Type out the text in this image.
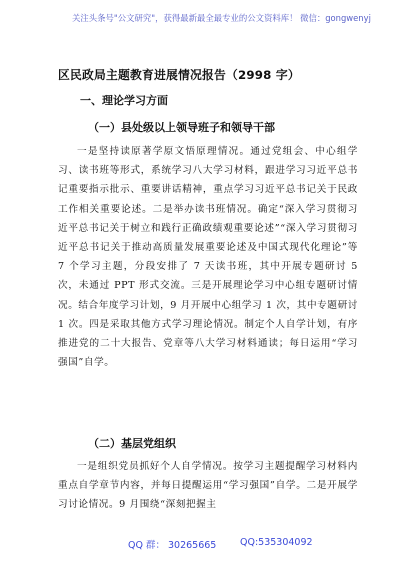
关注头条号"公文研究"，获得最新最全最专业的公文资料库！ 微信：gongwenyj
区民政局主题教育进展情况报告（2998 字）
一、理论学习方面
（一）县处级以上领导班子和领导干部

一是坚持读原著学原文悟原理情况。通过党组会、中心组学习、读书班等形式，系统学习八大学习材料，跟进学习习近平总书记重要指示批示、重要讲话精神，重点学习习近平总书记关于民政工作相关重要论述。二是举办读书班情况。确定“深入学习贯彻习近平总书记关于树立和践行正确政绩观重要论述”“深入学习贯彻习近平总书记关于推动高质量发展重要论述及中国式现代化理论”等 7 个学习主题，分段安排了 7 天读书班，其中开展专题研讨 5 次，未通过 PPT 形式交流。三是开展理论学习中心组专题研讨情况。结合年度学习计划，9 月开展中心组学习 1 次，其中专题研讨 1 次。四是采取其他方式学习理论情况。制定个人自学计划，有序推进党的二十大报告、党章等八大学习材料通读；每日运用“学习强国”自学。

（二）基层党组织

一是组织党员抓好个人自学情况。按学习主题提醒学习材料内重点自学章节内容，并每日提醒运用“学习强国”自学。二是开展学习讨论情况。9 月围绕“深刻把握主

QQ 群： 30265665 QQ:535304092
